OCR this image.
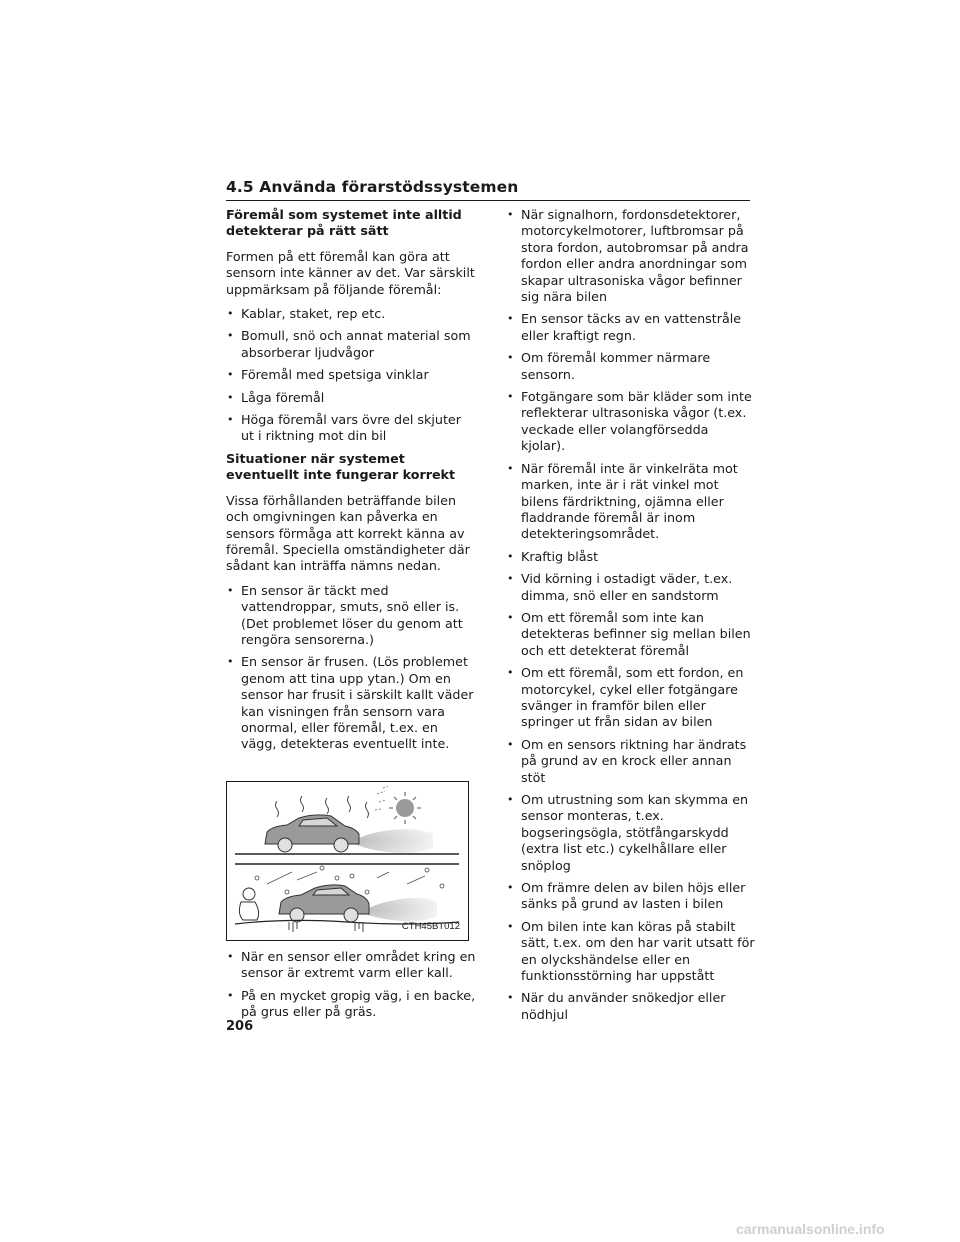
4.5 Använda förarstödssystemen
Föremål som systemet inte alltid detekterar på rätt sätt
Formen på ett föremål kan göra att sensorn inte känner av det. Var särskilt uppmärksam på följande föremål:
• Kablar, staket, rep etc.
• Bomull, snö och annat material som absorberar ljudvågor
• Föremål med spetsiga vinklar
• Låga föremål
• Höga föremål vars övre del skjuter ut i riktning mot din bil
Situationer när systemet eventuellt inte fungerar korrekt
Vissa förhållanden beträffande bilen och omgivningen kan påverka en sensors förmåga att korrekt känna av föremål. Speciella omständigheter där sådant kan inträffa nämns nedan.
• En sensor är täckt med vattendroppar, smuts, snö eller is. (Det problemet löser du genom att rengöra sensorerna.)
• En sensor är frusen. (Lös problemet genom att tina upp ytan.) Om en sensor har frusit i särskilt kallt väder kan visningen från sensorn vara onormal, eller föremål, t.ex. en vägg, detekteras eventuellt inte.
CTH45BT012
• När en sensor eller området kring en sensor är extremt varm eller kall.
• På en mycket gropig väg, i en backe, på grus eller på gräs.
• När signalhorn, fordonsdetektorer, motorcykelmotorer, luftbromsar på stora fordon, autobromsar på andra fordon eller andra anordningar som skapar ultrasoniska vågor befinner sig nära bilen
• En sensor täcks av en vattenstråle eller kraftigt regn.
• Om föremål kommer närmare sensorn.
• Fotgängare som bär kläder som inte reflekterar ultrasoniska vågor (t.ex. veckade eller volangförsedda kjolar).
• När föremål inte är vinkelräta mot marken, inte är i rät vinkel mot bilens färdriktning, ojämna eller fladdrande föremål är inom detekteringsområdet.
• Kraftig blåst
• Vid körning i ostadigt väder, t.ex. dimma, snö eller en sandstorm
• Om ett föremål som inte kan detekteras befinner sig mellan bilen och ett detekterat föremål
• Om ett föremål, som ett fordon, en motorcykel, cykel eller fotgängare svänger in framför bilen eller springer ut från sidan av bilen
• Om en sensors riktning har ändrats på grund av en krock eller annan stöt
• Om utrustning som kan skymma en sensor monteras, t.ex. bogseringsögla, stötfångarskydd (extra list etc.) cykelhållare eller snöplog
• Om främre delen av bilen höjs eller sänks på grund av lasten i bilen
• Om bilen inte kan köras på stabilt sätt, t.ex. om den har varit utsatt för en olyckshändelse eller en funktionsstörning har uppstått
• När du använder snökedjor eller nödhjul
206
carmanualsonline.info
